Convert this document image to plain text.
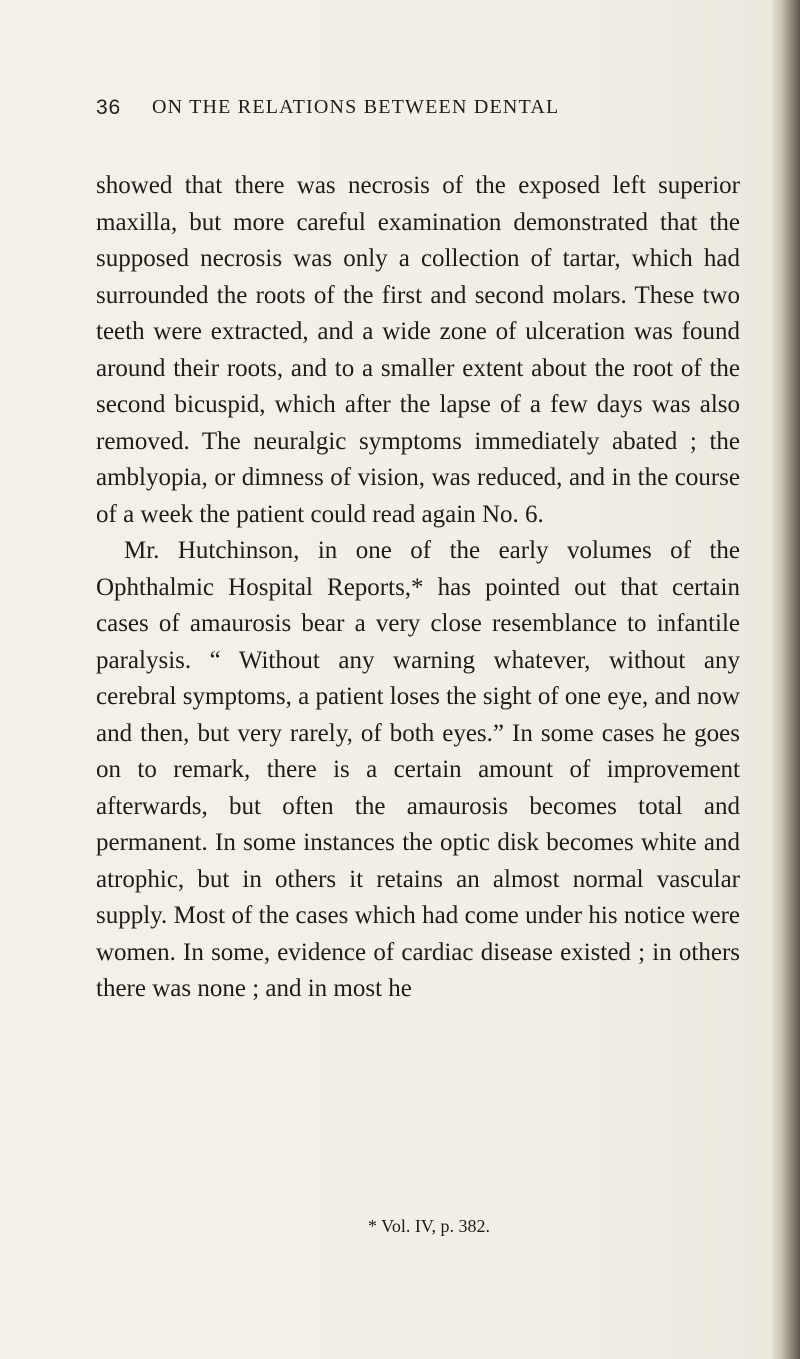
36 ON THE RELATIONS BETWEEN DENTAL

showed that there was necrosis of the exposed left superior maxilla, but more careful examination demonstrated that the supposed necrosis was only a collection of tartar, which had surrounded the roots of the first and second molars. These two teeth were extracted, and a wide zone of ulceration was found around their roots, and to a smaller extent about the root of the second bicuspid, which after the lapse of a few days was also removed. The neuralgic symptoms immediately abated ; the amblyopia, or dimness of vision, was reduced, and in the course of a week the patient could read again No. 6.

Mr. Hutchinson, in one of the early volumes of the Ophthalmic Hospital Reports,* has pointed out that certain cases of amaurosis bear a very close resemblance to infantile paralysis. “ Without any warning whatever, without any cerebral symptoms, a patient loses the sight of one eye, and now and then, but very rarely, of both eyes.” In some cases he goes on to remark, there is a certain amount of improvement afterwards, but often the amaurosis becomes total and permanent. In some instances the optic disk becomes white and atrophic, but in others it retains an almost normal vascular supply. Most of the cases which had come under his notice were women. In some, evidence of cardiac disease existed ; in others there was none ; and in most he

* Vol. IV, p. 382.
